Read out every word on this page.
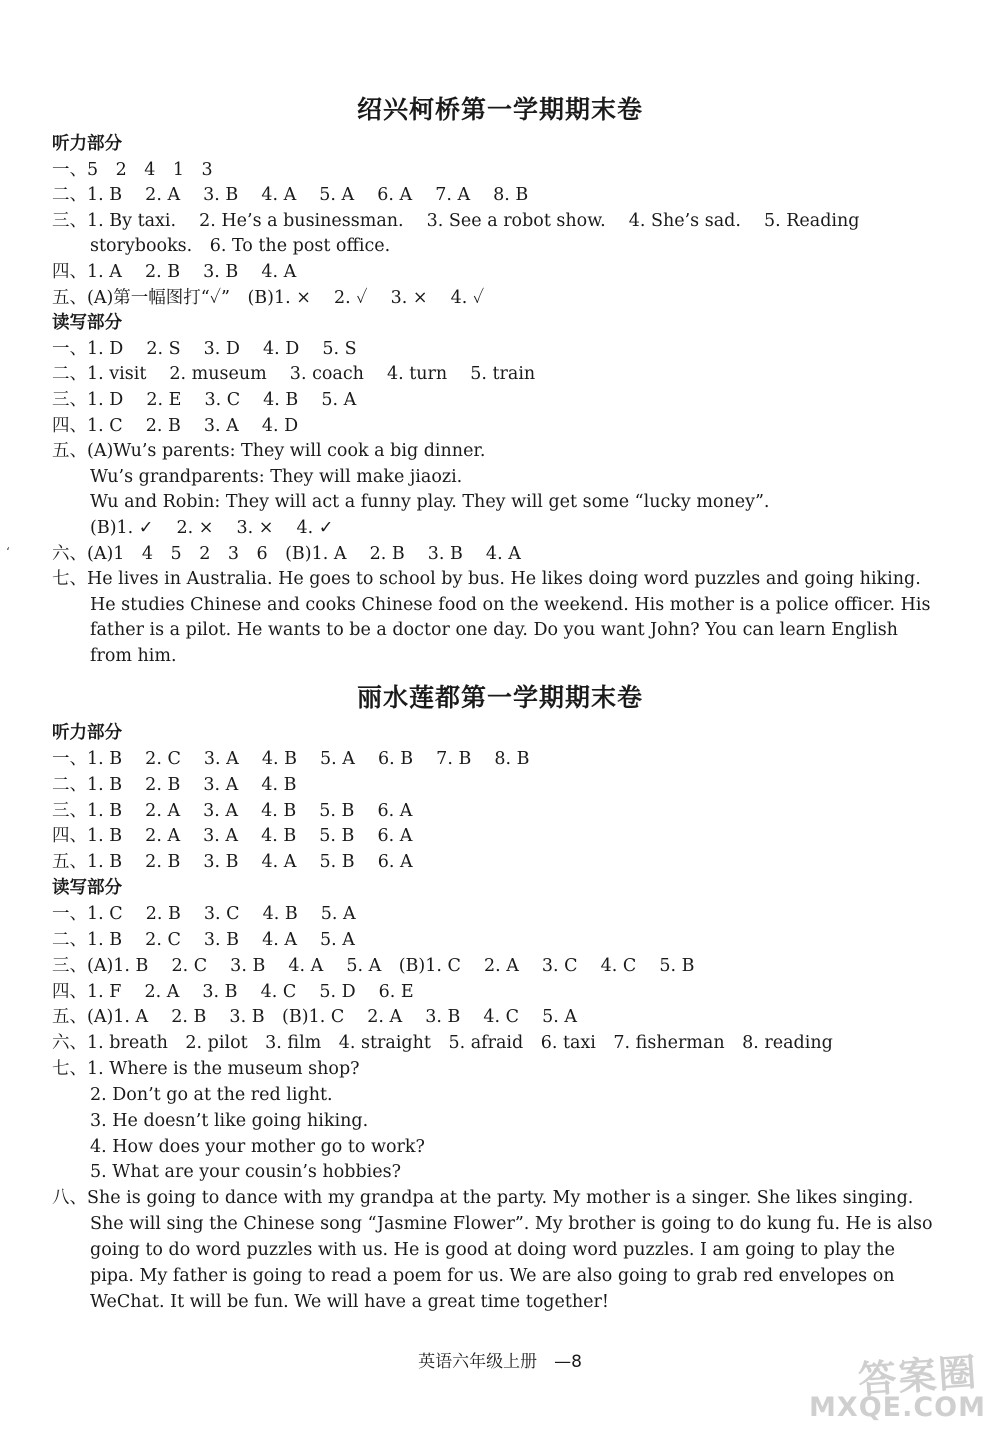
绍兴柯桥第一学期期末卷
听力部分
一、5　2　4　1　3
二、1. B　 2. A　 3. B　 4. A　 5. A　 6. A　 7. A　 8. B
三、1. By taxi.　 2. He’s a businessman.　 3. See a robot show.　 4. She’s sad.　 5. Reading
storybooks.　6. To the post office.
四、1. A　 2. B　 3. B　 4. A
五、(A)第一幅图打“✓”　(B)1. ×　 2. ✓　 3. ×　 4. ✓
读写部分
一、1. D　 2. S　 3. D　 4. D　 5. S
二、1. visit　 2. museum　 3. coach　 4. turn　 5. train
三、1. D　 2. E　 3. C　 4. B　 5. A
四、1. C　 2. B　 3. A　 4. D
五、(A)Wu’s parents: They will cook a big dinner.
Wu’s grandparents: They will make jiaozi.
Wu and Robin: They will act a funny play. They will get some “lucky money”.
(B)1. ✓　 2. ×　 3. ×　 4. ✓
六、(A)1　4　5　2　3　6　(B)1. A　 2. B　 3. B　 4. A
七、He lives in Australia. He goes to school by bus. He likes doing word puzzles and going hiking.
He studies Chinese and cooks Chinese food on the weekend. His mother is a police officer. His
father is a pilot. He wants to be a doctor one day. Do you want John? You can learn English
from him.
丽水莲都第一学期期末卷
听力部分
一、1. B　 2. C　 3. A　 4. B　 5. A　 6. B　 7. B　 8. B
二、1. B　 2. B　 3. A　 4. B
三、1. B　 2. A　 3. A　 4. B　 5. B　 6. A
四、1. B　 2. A　 3. A　 4. B　 5. B　 6. A
五、1. B　 2. B　 3. B　 4. A　 5. B　 6. A
读写部分
一、1. C　 2. B　 3. C　 4. B　 5. A
二、1. B　 2. C　 3. B　 4. A　 5. A
三、(A)1. B　 2. C　 3. B　 4. A　 5. A　(B)1. C　 2. A　 3. C　 4. C　 5. B
四、1. F　 2. A　 3. B　 4. C　 5. D　 6. E
五、(A)1. A　 2. B　 3. B　(B)1. C　 2. A　 3. B　 4. C　 5. A
六、1. breath　2. pilot　3. film　4. straight　5. afraid　6. taxi　7. fisherman　8. reading
七、1. Where is the museum shop?
2. Don’t go at the red light.
3. He doesn’t like going hiking.
4. How does your mother go to work?
5. What are your cousin’s hobbies?
八、She is going to dance with my grandpa at the party. My mother is a singer. She likes singing.
She will sing the Chinese song “Jasmine Flower”. My brother is going to do kung fu. He is also
going to do word puzzles with us. He is good at doing word puzzles. I am going to play the
pipa. My father is going to read a poem for us. We are also going to grab red envelopes on
WeChat. It will be fun. We will have a great time together!
‘
英语六年级上册　—8	答案圈
MXQE.COM
